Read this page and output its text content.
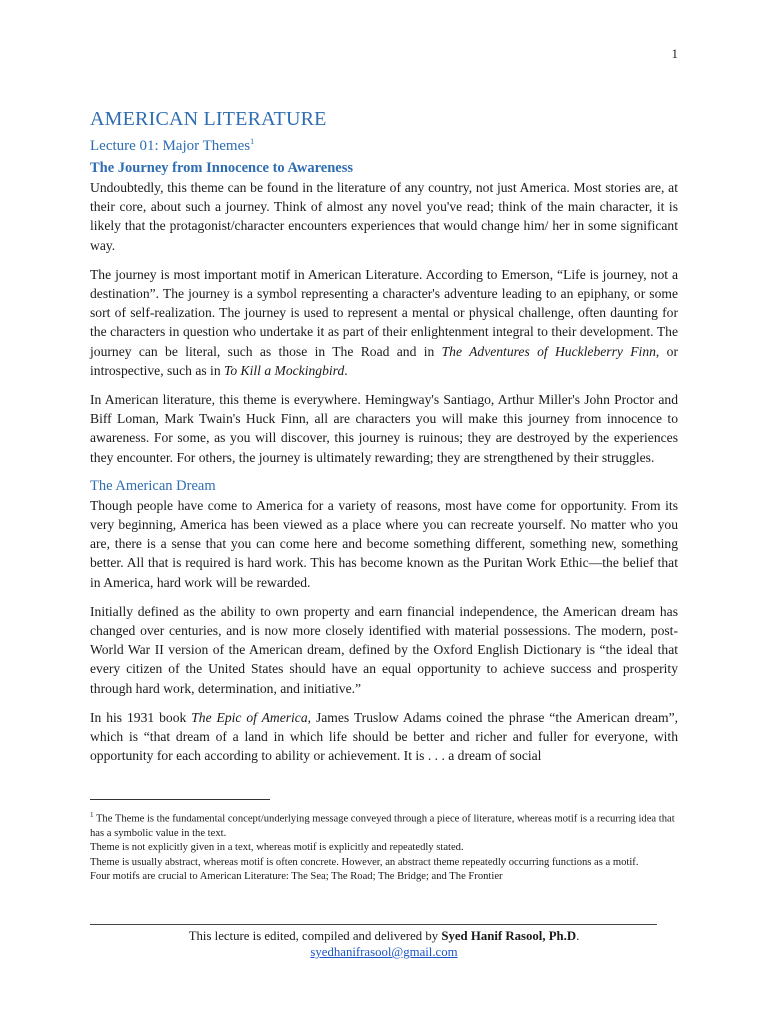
1
AMERICAN LITERATURE
Lecture 01: Major Themes$^1$
The Journey from Innocence to Awareness

Undoubtedly, this theme can be found in the literature of any country, not just America. Most stories are, at their core, about such a journey. Think of almost any novel you've read; think of the main character, it is likely that the protagonist/character encounters experiences that would change him/ her in some significant way.

The journey is most important motif in American Literature. According to Emerson, “Life is journey, not a destination”. The journey is a symbol representing a character's adventure leading to an epiphany, or some sort of self-realization. The journey is used to represent a mental or physical challenge, often daunting for the characters in question who undertake it as part of their enlightenment integral to their development. The journey can be literal, such as those in The Road and in The Adventures of Huckleberry Finn, or introspective, such as in To Kill a Mockingbird.

In American literature, this theme is everywhere. Hemingway's Santiago, Arthur Miller's John Proctor and Biff Loman, Mark Twain's Huck Finn, all are characters you will make this journey from innocence to awareness. For some, as you will discover, this journey is ruinous; they are destroyed by the experiences they encounter. For others, the journey is ultimately rewarding; they are strengthened by their struggles.

The American Dream

Though people have come to America for a variety of reasons, most have come for opportunity. From its very beginning, America has been viewed as a place where you can recreate yourself. No matter who you are, there is a sense that you can come here and become something different, something new, something better. All that is required is hard work. This has become known as the Puritan Work Ethic—the belief that in America, hard work will be rewarded.

Initially defined as the ability to own property and earn financial independence, the American dream has changed over centuries, and is now more closely identified with material possessions. The modern, post-World War II version of the American dream, defined by the Oxford English Dictionary is “the ideal that every citizen of the United States should have an equal opportunity to achieve success and prosperity through hard work, determination, and initiative.”

In his 1931 book The Epic of America, James Truslow Adams coined the phrase “the American dream”, which is “that dream of a land in which life should be better and richer and fuller for everyone, with opportunity for each according to ability or achievement. It is . . . a dream of social

$^1$ The Theme is the fundamental concept/underlying message conveyed through a piece of literature, whereas motif is a recurring idea that has a symbolic value in the text.
Theme is not explicitly given in a text, whereas motif is explicitly and repeatedly stated.
Theme is usually abstract, whereas motif is often concrete. However, an abstract theme repeatedly occurring functions as a motif.
Four motifs are crucial to American Literature: The Sea; The Road; The Bridge; and The Frontier
This lecture is edited, compiled and delivered by Syed Hanif Rasool, Ph.D.
syedhanifrasool@gmail.com
